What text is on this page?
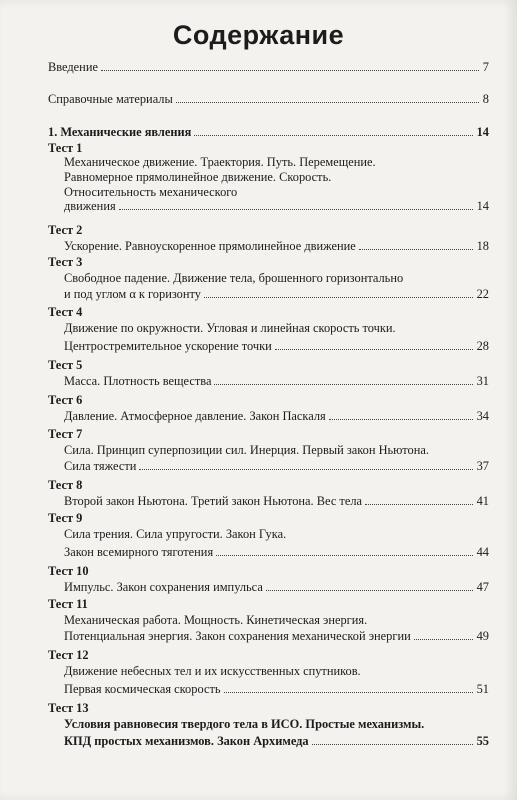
Содержание
Введение	7
Справочные материалы	8
1. Механические явления	14
Тест 1
Механическое движение. Траектория. Путь. Перемещение.
Равномерное прямолинейное движение. Скорость.
Относительность механического
движения	14
Тест 2
Ускорение. Равноускоренное прямолинейное движение	18
Тест 3
Свободное падение. Движение тела, брошенного горизонтально
и под углом α к горизонту	22
Тест 4
Движение по окружности. Угловая и линейная скорость точки.
Центростремительное ускорение точки	28
Тест 5
Масса. Плотность вещества	31
Тест 6
Давление. Атмосферное давление. Закон Паскаля	34
Тест 7
Сила. Принцип суперпозиции сил. Инерция. Первый закон Ньютона.
Сила тяжести	37
Тест 8
Второй закон Ньютона. Третий закон Ньютона. Вес тела	41
Тест 9
Сила трения. Сила упругости. Закон Гука.
Закон всемирного тяготения	44
Тест 10
Импульс. Закон сохранения импульса	47
Тест 11
Механическая работа. Мощность. Кинетическая энергия.
Потенциальная энергия. Закон сохранения механической энергии	49
Тест 12
Движение небесных тел и их искусственных спутников.
Первая космическая скорость	51
Тест 13
Условия равновесия твердого тела в ИСО. Простые механизмы.
КПД простых механизмов. Закон Архимеда	55
